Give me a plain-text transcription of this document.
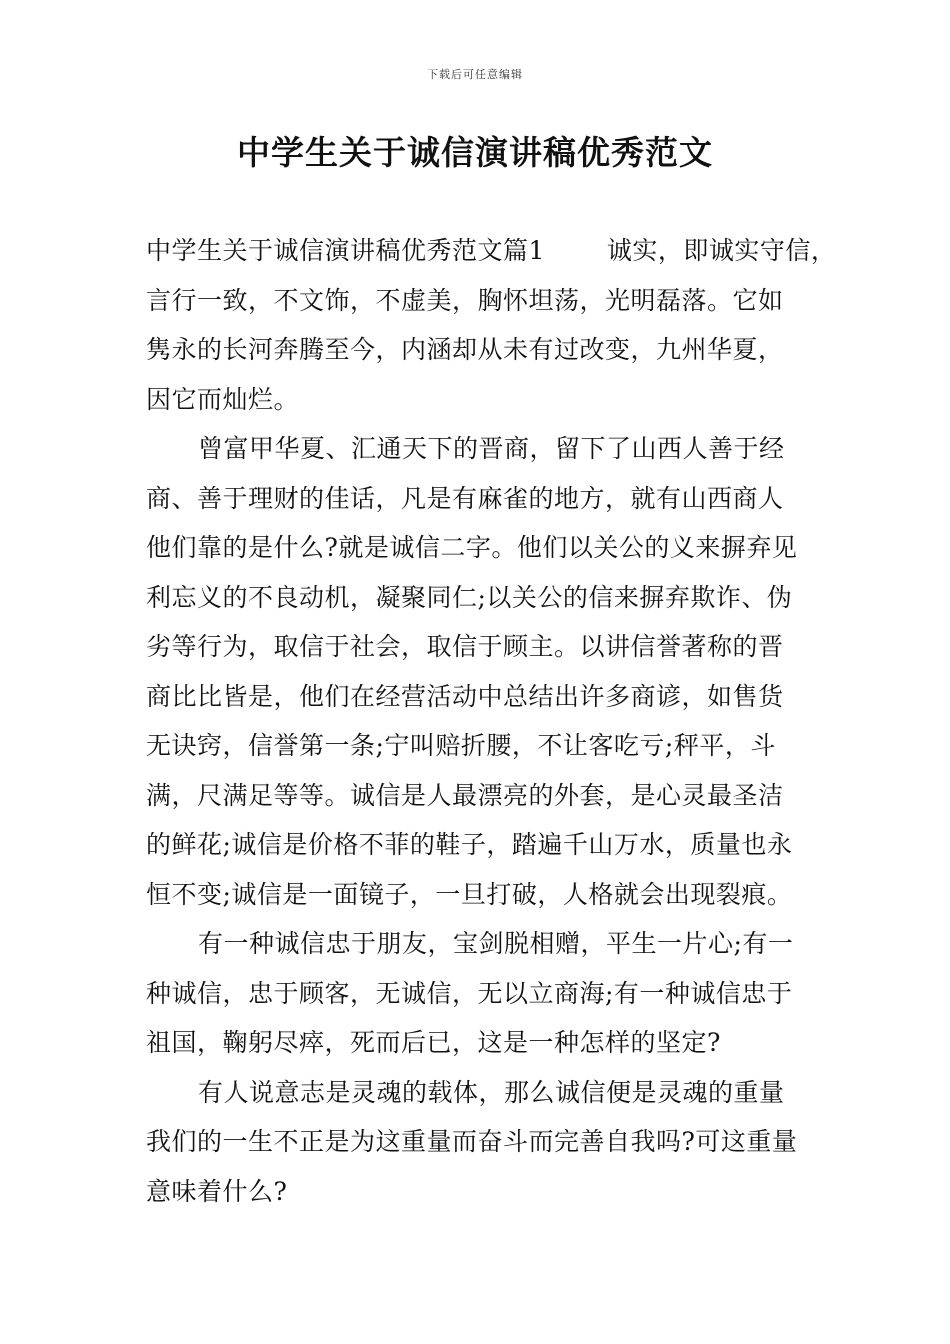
下载后可任意编辑
中学生关于诚信演讲稿优秀范文
中学生关于诚信演讲稿优秀范文篇1 诚实，即诚实守信，
言行一致，不文饰，不虚美，胸怀坦荡，光明磊落。它如
隽永的长河奔腾至今，内涵却从未有过改变，九州华夏，
因它而灿烂。
曾富甲华夏、汇通天下的晋商，留下了山西人善于经
商、善于理财的佳话，凡是有麻雀的地方，就有山西商人
他们靠的是什么?就是诚信二字。他们以关公的义来摒弃见
利忘义的不良动机，凝聚同仁;以关公的信来摒弃欺诈、伪
劣等行为，取信于社会，取信于顾主。以讲信誉著称的晋
商比比皆是，他们在经营活动中总结出许多商谚，如售货
无诀窍，信誉第一条;宁叫赔折腰，不让客吃亏;秤平，斗
满，尺满足等等。诚信是人最漂亮的外套，是心灵最圣洁
的鲜花;诚信是价格不菲的鞋子，踏遍千山万水，质量也永
恒不变;诚信是一面镜子，一旦打破，人格就会出现裂痕。
有一种诚信忠于朋友，宝剑脱相赠，平生一片心;有一
种诚信，忠于顾客，无诚信，无以立商海;有一种诚信忠于
祖国，鞠躬尽瘁，死而后已，这是一种怎样的坚定?
有人说意志是灵魂的载体，那么诚信便是灵魂的重量
我们的一生不正是为这重量而奋斗而完善自我吗?可这重量
意味着什么?
